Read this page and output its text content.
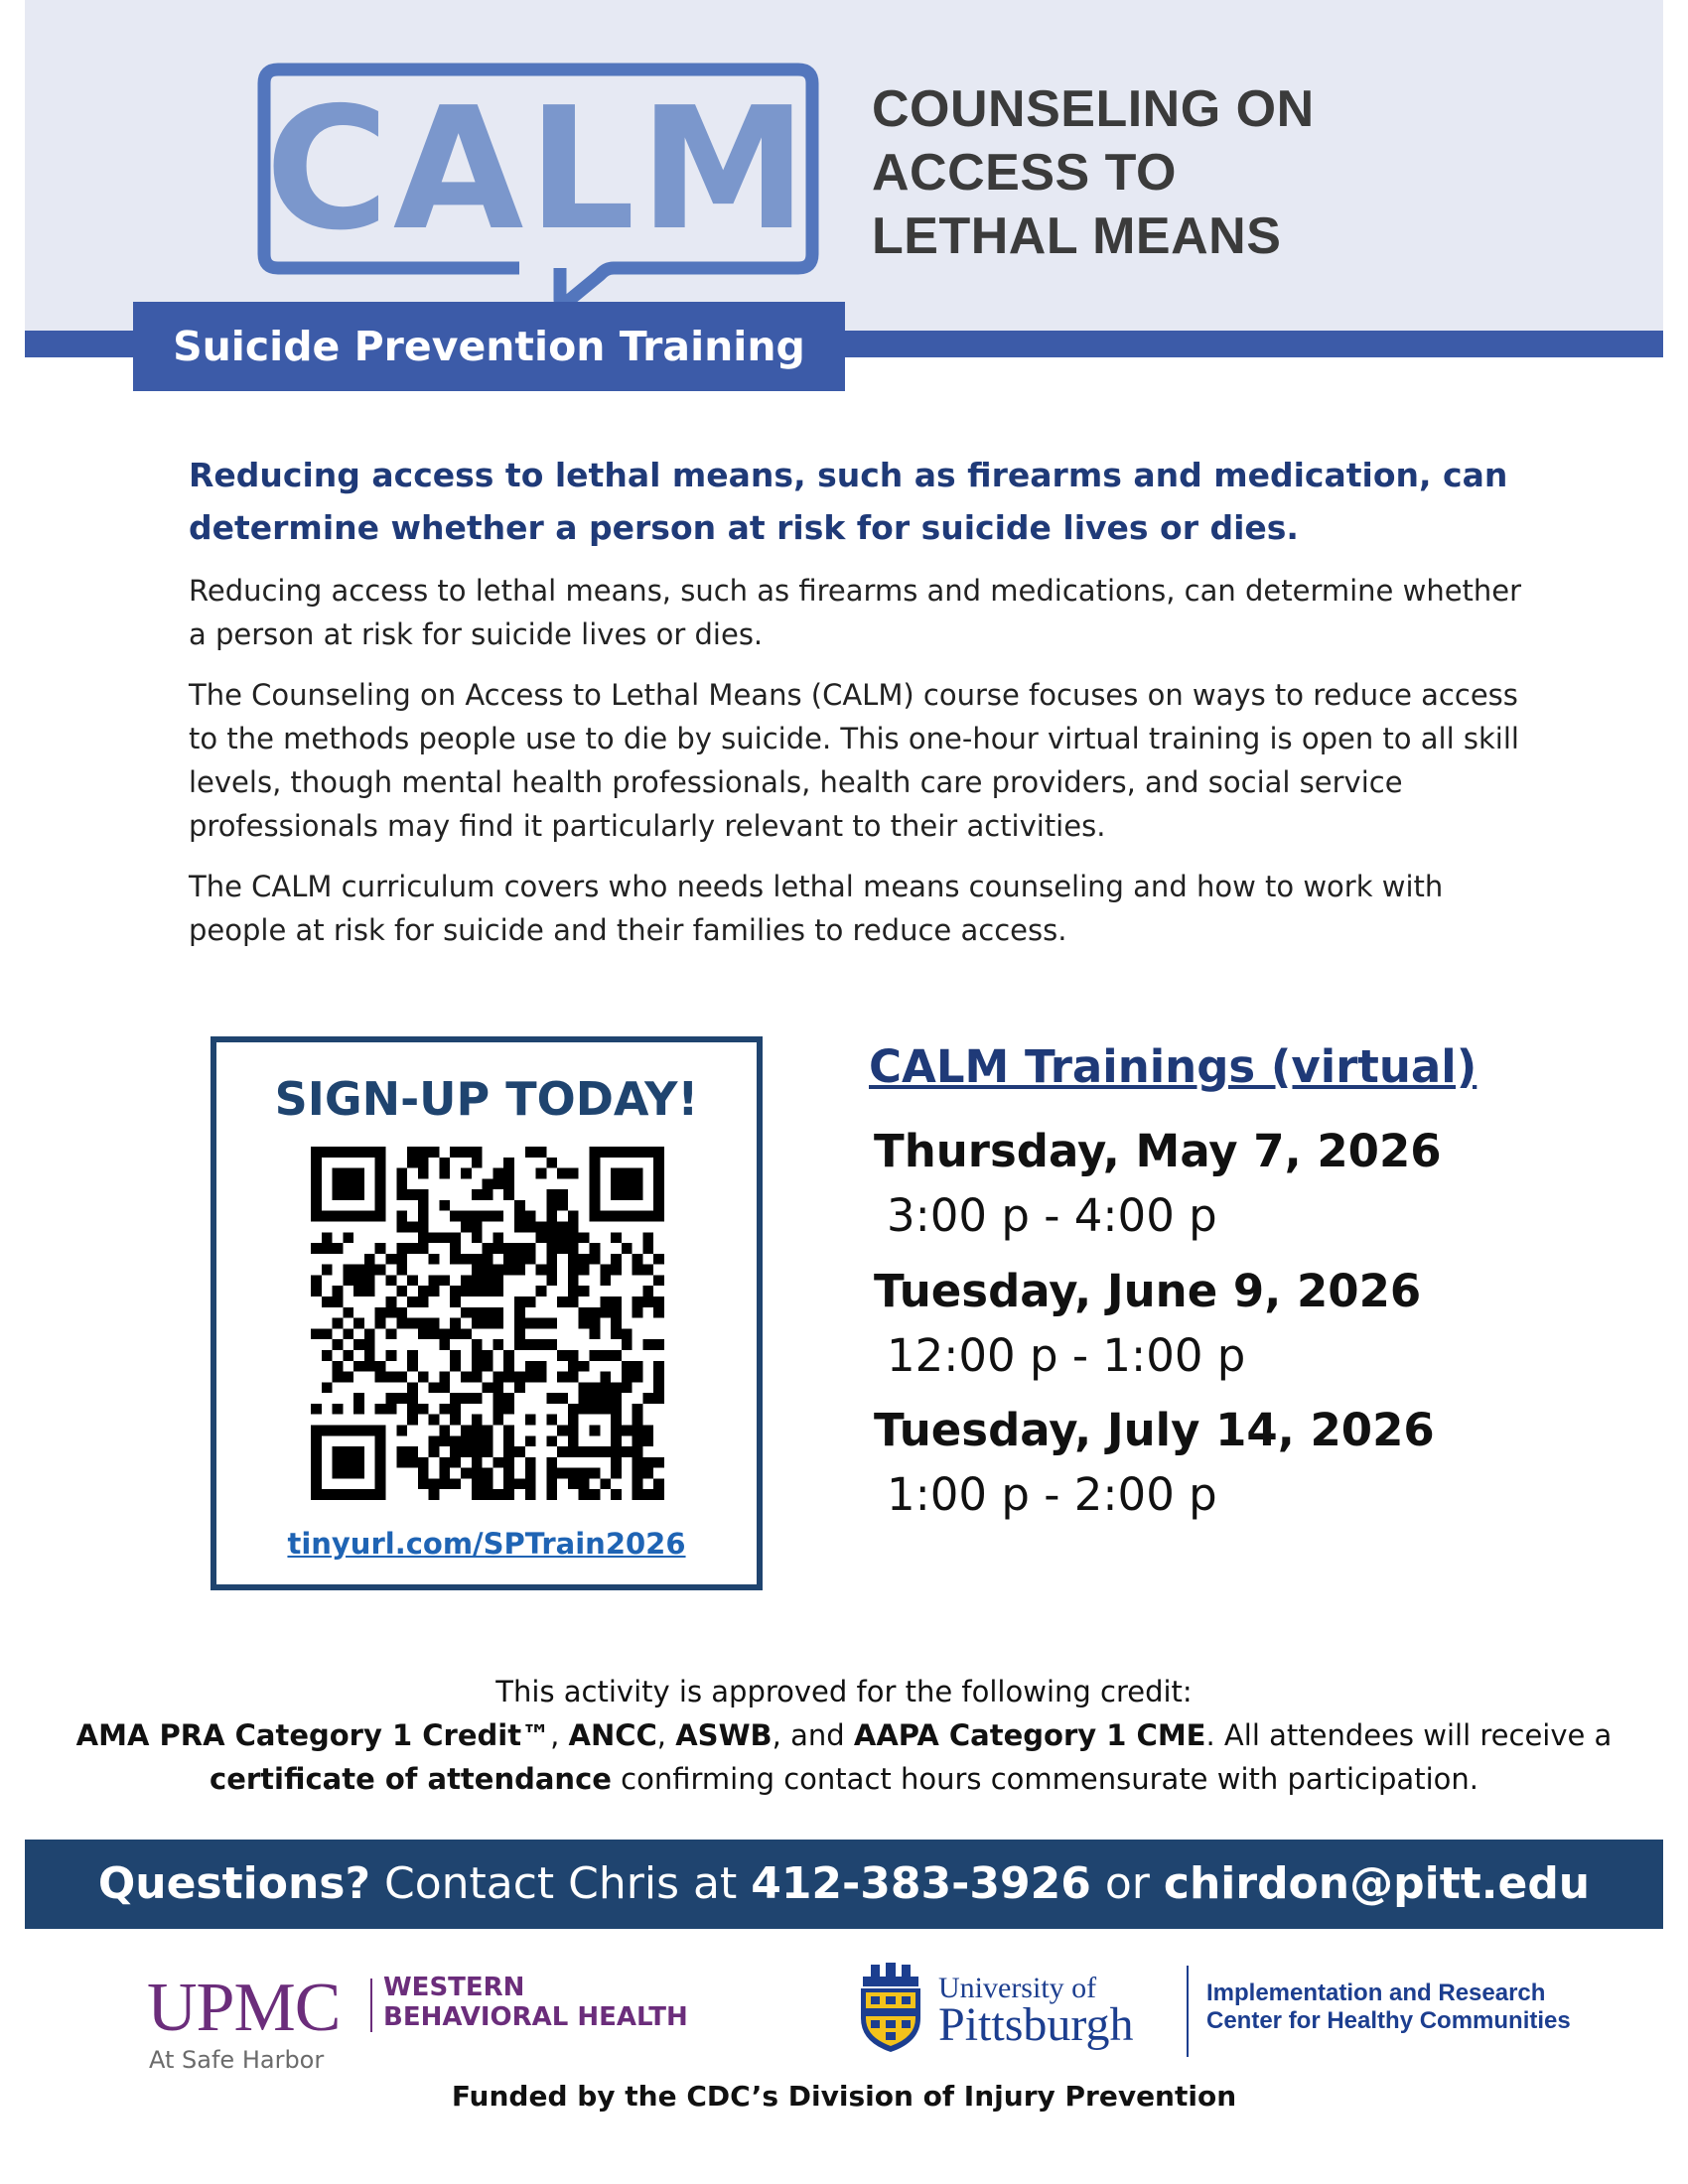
CALM COUNSELING ON
ACCESS TO
LETHAL MEANS
Suicide Prevention Training
Reducing access to lethal means, such as firearms and medication, can determine whether a person at risk for suicide lives or dies.
Reducing access to lethal means, such as firearms and medications, can determine whether a person at risk for suicide lives or dies.
The Counseling on Access to Lethal Means (CALM) course focuses on ways to reduce access to the methods people use to die by suicide. This one-hour virtual training is open to all skill levels, though mental health professionals, health care providers, and social service professionals may find it particularly relevant to their activities.
The CALM curriculum covers who needs lethal means counseling and how to work with people at risk for suicide and their families to reduce access.
SIGN-UP TODAY!
tinyurl.com/SPTrain2026
CALM Trainings (virtual)
Thursday, May 7, 2026
3:00 p - 4:00 p
Tuesday, June 9, 2026
12:00 p - 1:00 p
Tuesday, July 14, 2026
1:00 p - 2:00 p
This activity is approved for the following credit:
AMA PRA Category 1 Credit™, ANCC, ASWB, and AAPA Category 1 CME. All attendees will receive a certificate of attendance confirming contact hours commensurate with participation.
Questions? Contact Chris at 412-383-3926 or chirdon@pitt.edu
UPMC WESTERN
BEHAVIORAL HEALTH
At Safe Harbor
University of
Pittsburgh
Implementation and Research
Center for Healthy Communities
Funded by the CDC’s Division of Injury Prevention
